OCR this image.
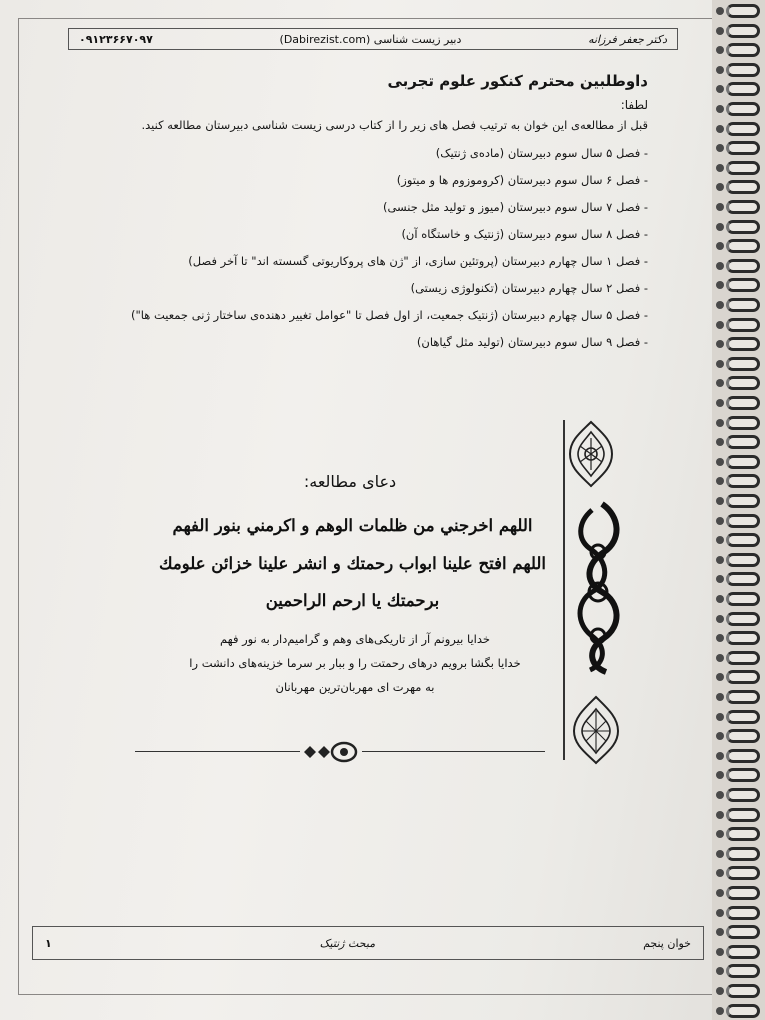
۰۹۱۲۳۶۶۷۰۹۷	دبیر زیست شناسی (Dabirezist.com)	دکتر جعفر فرزانه

داوطلبین محترم کنکور علوم تجربی

لطفا:

قبل از مطالعه‌ی این خوان به ترتیب فصل های زیر را از کتاب درسی زیست شناسی دبیرستان مطالعه کنید.

- فصل ۵ سال سوم دبیرستان (ماده‌ی ژنتیک)
- فصل ۶ سال سوم دبیرستان (کروموزوم ها و میتوز)
- فصل ۷ سال سوم دبیرستان (میوز و تولید مثل جنسی)
- فصل ۸ سال سوم دبیرستان (ژنتیک و خاستگاه آن)
- فصل ۱ سال چهارم دبیرستان (پروتئین سازی، از "ژن های پروکاریوتی گسسته اند" تا آخر فصل)
- فصل ۲ سال چهارم دبیرستان (تکنولوژی زیستی)
- فصل ۵ سال چهارم دبیرستان (ژنتیک جمعیت، از اول فصل تا "عوامل تغییر دهنده‌ی ساختار ژنی جمعیت ها")
- فصل ۹ سال سوم دبیرستان (تولید مثل گیاهان)
دعای مطالعه:
اللهم اخرجني من ظلمات الوهم و اكرمني بنور الفهم
اللهم افتح علينا ابواب رحمتك و انشر علينا خزائن علومك
برحمتك يا ارحم الراحمين
خدایا بیرونم آر از تاریکی‌های وهم و گرامیم‌دار به نور فهم
خدایا بگشا برویم درهای رحمتت را و ببار بر سرما خزینه‌های دانشت را
به مهرت ای مهربان‌ترین مهربانان
۱	مبحث ژنتیک	خوان پنجم
